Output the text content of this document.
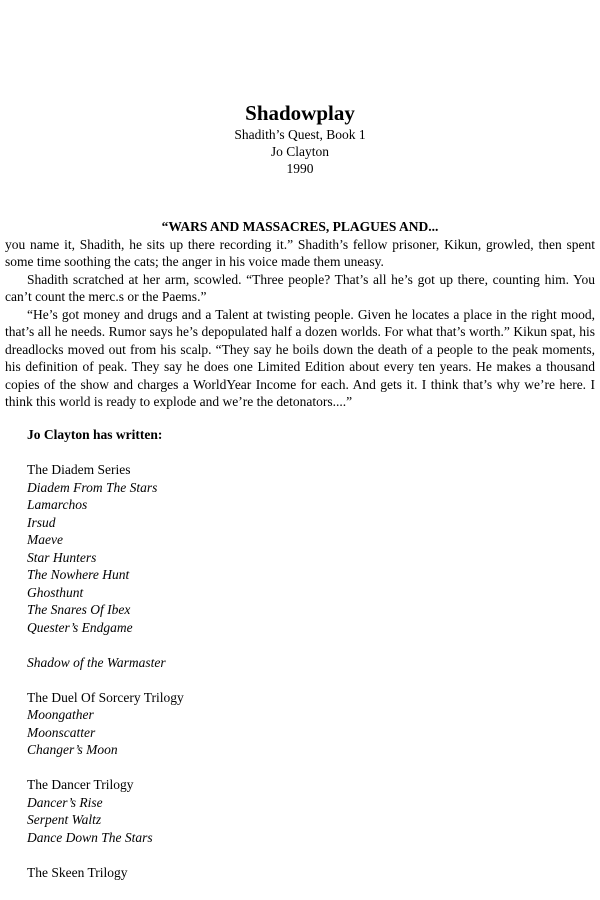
Shadowplay
Shadith’s Quest, Book 1
Jo Clayton
1990
“WARS AND MASSACRES, PLAGUES AND...

you name it, Shadith, he sits up there recording it.” Shadith’s fellow prisoner, Kikun, growled, then spent some time soothing the cats; the anger in his voice made them uneasy.

Shadith scratched at her arm, scowled. “Three people? That’s all he’s got up there, counting him. You can’t count the merc.s or the Paems.”

“He’s got money and drugs and a Talent at twisting people. Given he locates a place in the right mood, that’s all he needs. Rumor says he’s depopulated half a dozen worlds. For what that’s worth.” Kikun spat, his dreadlocks moved out from his scalp. “They say he boils down the death of a people to the peak moments, his definition of peak. They say he does one Limited Edition about every ten years. He makes a thousand copies of the show and charges a WorldYear Income for each. And gets it. I think that’s why we’re here. I think this world is ready to explode and we’re the detonators....”

Jo Clayton has written:
The Diadem Series
Diadem From The Stars
Lamarchos
Irsud
Maeve
Star Hunters
The Nowhere Hunt
Ghosthunt
The Snares Of Ibex
Quester’s Endgame
Shadow of the Warmaster
The Duel Of Sorcery Trilogy
Moongather
Moonscatter
Changer’s Moon
The Dancer Trilogy
Dancer’s Rise
Serpent Waltz
Dance Down The Stars
The Skeen Trilogy
